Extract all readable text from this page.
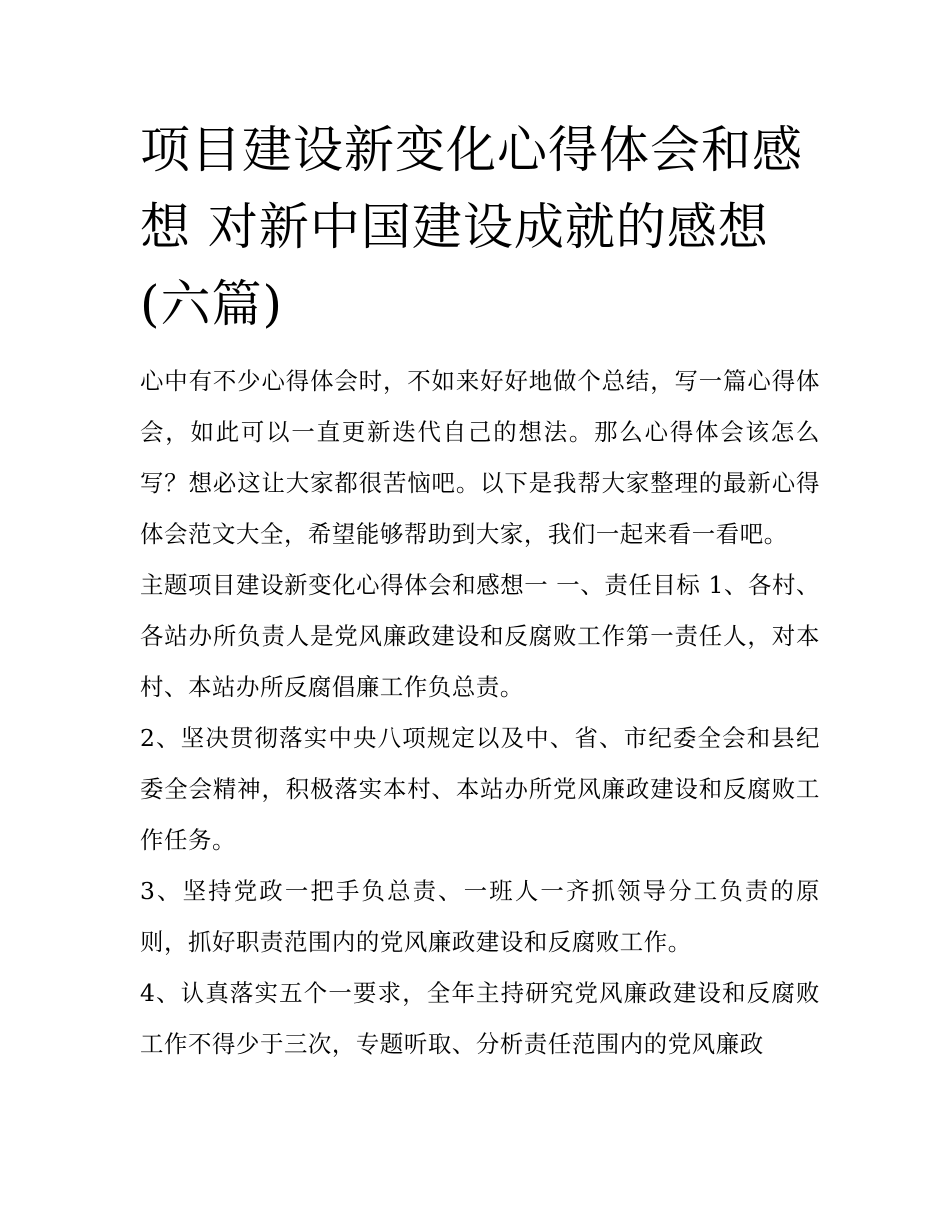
项目建设新变化心得体会和感想 对新中国建设成就的感想(六篇)

心中有不少心得体会时，不如来好好地做个总结，写一篇心得体会，如此可以一直更新迭代自己的想法。那么心得体会该怎么写？想必这让大家都很苦恼吧。以下是我帮大家整理的最新心得体会范文大全，希望能够帮助到大家，我们一起来看一看吧。

主题项目建设新变化心得体会和感想一 一、责任目标 1、各村、各站办所负责人是党风廉政建设和反腐败工作第一责任人，对本村、本站办所反腐倡廉工作负总责。

2、坚决贯彻落实中央八项规定以及中、省、市纪委全会和县纪委全会精神，积极落实本村、本站办所党风廉政建设和反腐败工作任务。

3、坚持党政一把手负总责、一班人一齐抓领导分工负责的原则，抓好职责范围内的党风廉政建设和反腐败工作。

4、认真落实五个一要求，全年主持研究党风廉政建设和反腐败工作不得少于三次，专题听取、分析责任范围内的党风廉政
